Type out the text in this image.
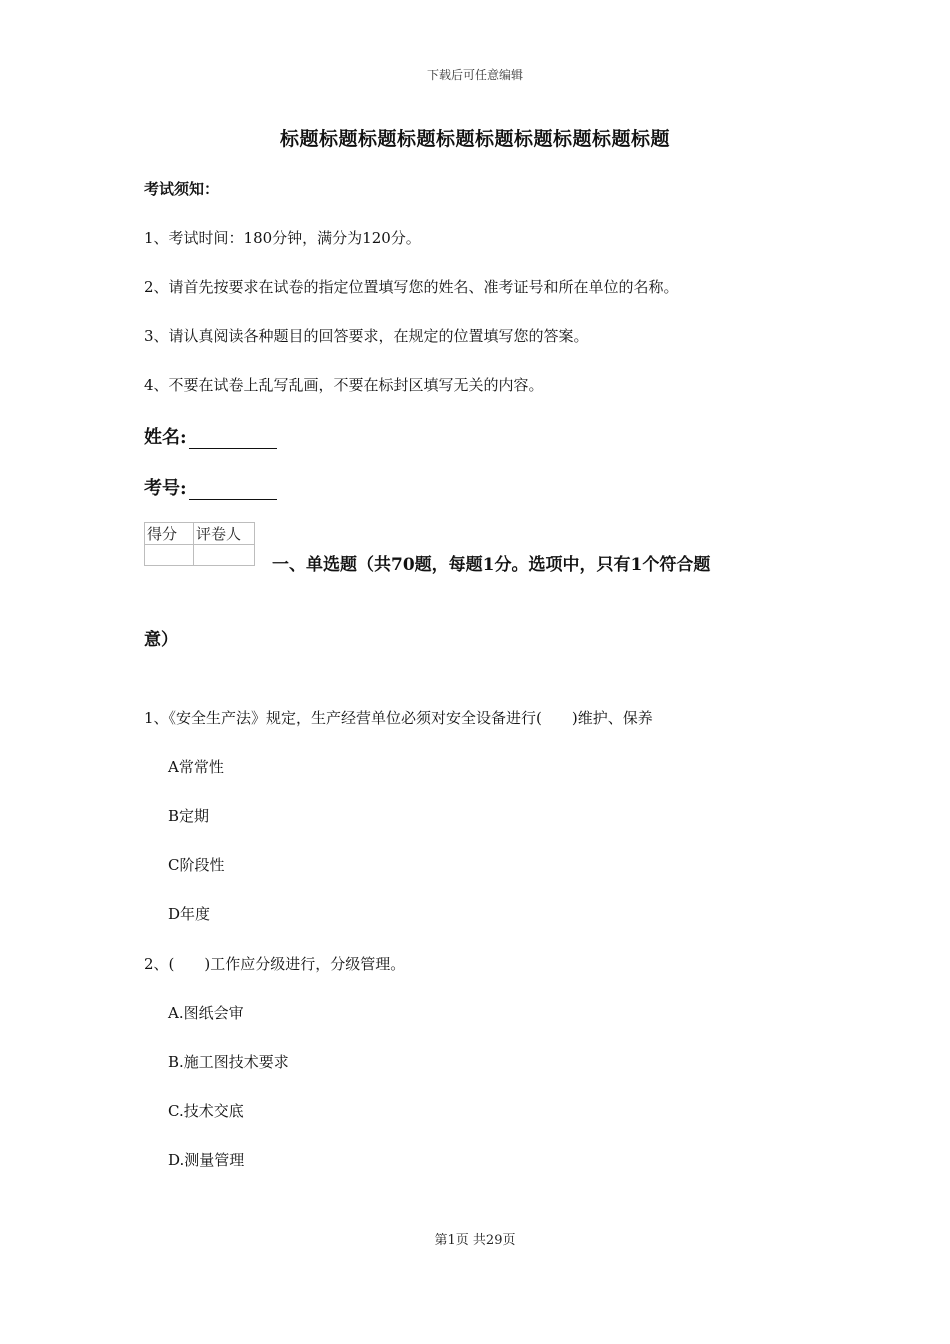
下载后可任意编辑
标题标题标题标题标题标题标题标题标题标题
考试须知：
1、考试时间：180分钟，满分为120分。
2、请首先按要求在试卷的指定位置填写您的姓名、准考证号和所在单位的名称。
3、请认真阅读各种题目的回答要求，在规定的位置填写您的答案。
4、不要在试卷上乱写乱画，不要在标封区填写无关的内容。
姓名:
考号:
得分	评卷人

一、单选题（共70题，每题1分。选项中，只有1个符合题
意）
1、《安全生产法》规定，生产经营单位必须对安全设备进行(　　)维护、保养
A常常性
B定期
C阶段性
D年度
2、(　　)工作应分级进行，分级管理。
A.图纸会审
B.施工图技术要求
C.技术交底
D.测量管理
第1页 共29页
